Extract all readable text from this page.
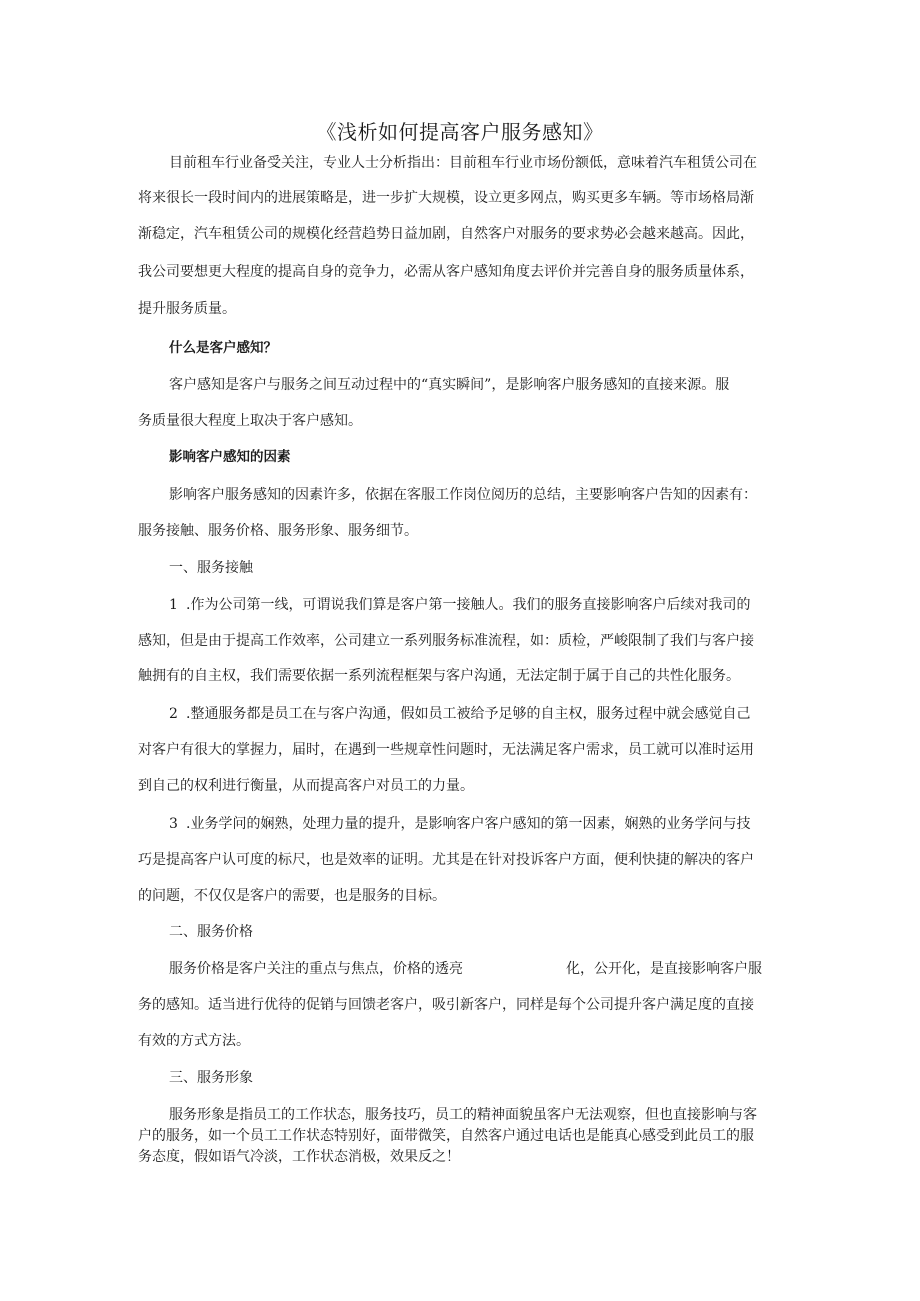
《浅析如何提高客户服务感知》
目前租车行业备受关注，专业人士分析指出：目前租车行业市场份额低，意味着汽车租赁公司在
将来很长一段时间内的进展策略是，进一步扩大规模，设立更多网点，购买更多车辆。等市场格局渐
渐稳定，汽车租赁公司的规模化经营趋势日益加剧，自然客户对服务的要求势必会越来越高。因此，
我公司要想更大程度的提高自身的竞争力，必需从客户感知角度去评价并完善自身的服务质量体系，
提升服务质量。
什么是客户感知？
客户感知是客户与服务之间互动过程中的“真实瞬间”，是影响客户服务感知的直接来源。服
务质量很大程度上取决于客户感知。
影响客户感知的因素
影响客户服务感知的因素许多，依据在客服工作岗位阅历的总结，主要影响客户告知的因素有：
服务接触、服务价格、服务形象、服务细节。
一、服务接触
1 .作为公司第一线，可谓说我们算是客户第一接触人。我们的服务直接影响客户后续对我司的
感知，但是由于提高工作效率，公司建立一系列服务标准流程，如：质检，严峻限制了我们与客户接
触拥有的自主权，我们需要依据一系列流程框架与客户沟通，无法定制于属于自己的共性化服务。
2 .整通服务都是员工在与客户沟通，假如员工被给予足够的自主权，服务过程中就会感觉自己
对客户有很大的掌握力，届时，在遇到一些规章性问题时，无法满足客户需求，员工就可以准时运用
到自己的权利进行衡量，从而提高客户对员工的力量。
3 .业务学问的娴熟，处理力量的提升，是影响客户客户感知的第一因素，娴熟的业务学问与技
巧是提高客户认可度的标尺，也是效率的证明。尤其是在针对投诉客户方面，便利快捷的解决的客户
的问题，不仅仅是客户的需要，也是服务的目标。
二、服务价格
服务价格是客户关注的重点与焦点，价格的透亮	化，公开化，是直接影响客户服
务的感知。适当进行优待的促销与回馈老客户，吸引新客户，同样是每个公司提升客户满足度的直接
有效的方式方法。
三、服务形象
服务形象是指员工的工作状态，服务技巧，员工的精神面貌虽客户无法观察，但也直接影响与客
户的服务，如一个员工工作状态特别好，面带微笑，自然客户通过电话也是能真心感受到此员工的服
务态度，假如语气冷淡，工作状态消极，效果反之！
